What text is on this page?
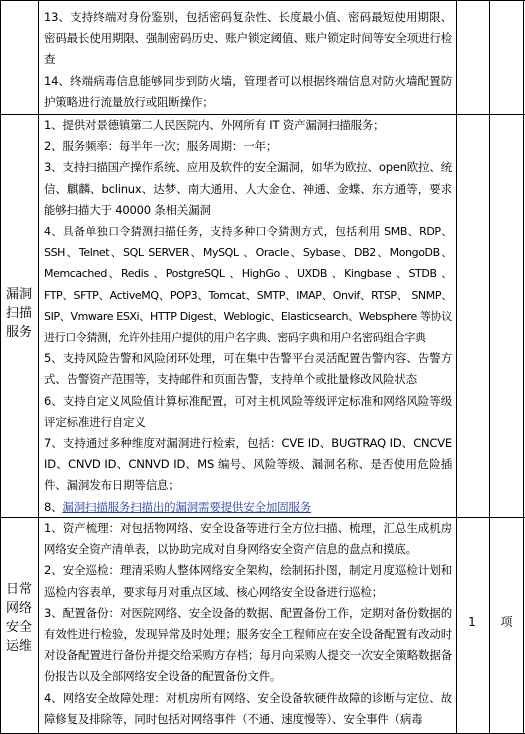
13、支持终端对身份鉴别，包括密码复杂性、长度最小值、密码最短使用期限、密码最长使用期限、强制密码历史、账户锁定阈值、账户锁定时间等安全项进行检查
14、终端病毒信息能够同步到防火墙，管理者可以根据终端信息对防火墙配置防护策略进行流量放行或阻断操作；
漏洞
扫描
服务
1、提供对景德镇第二人民医院内、外网所有 IT 资产漏洞扫描服务；
2、服务频率：每半年一次；服务周期：一年；
3、支持扫描国产操作系统、应用及软件的安全漏洞，如华为欧拉、open欧拉、统信、麒麟、bclinux、达梦、南大通用、人大金仓、神通、金蝶、东方通等，要求能够扫描大于 40000 条相关漏洞
4、具备单独口令猜测扫描任务，支持多种口令猜测方式，包括利用 SMB、RDP、SSH、Telnet、SQL SERVER、MySQL 、Oracle、Sybase、DB2、MongoDB、Memcached、Redis 、PostgreSQL 、HighGo 、UXDB 、Kingbase 、STDB 、FTP、SFTP、ActiveMQ、POP3、Tomcat、SMTP、IMAP、Onvif、RTSP、 SNMP、SIP、Vmware ESXi、HTTP Digest、Weblogic、Elasticsearch、Websphere 等协议进行口令猜测，允许外挂用户提供的用户名字典、密码字典和用户名密码组合字典
5、支持风险告警和风险闭环处理，可在集中告警平台灵活配置告警内容、告警方式、告警资产范围等，支持邮件和页面告警，支持单个或批量修改风险状态
6、支持自定义风险值计算标准配置，可对主机风险等级评定标准和网络风险等级评定标准进行自定义
7、支持通过多种维度对漏洞进行检索，包括：CVE ID、BUGTRAQ ID、CNCVE ID、CNVD ID、CNNVD ID、MS 编号、风险等级、漏洞名称、是否使用危险插件、漏洞发布日期等信息；
8、漏洞扫描服务扫描出的漏洞需要提供安全加固服务
日常
网络
安全
运维
1、资产梳理：对包括物网络、安全设备等进行全方位扫描、梳理，汇总生成机房网络安全资产清单表，以协助完成对自身网络安全资产信息的盘点和摸底。
2、安全巡检：理清采购人整体网络安全架构，绘制拓扑图，制定月度巡检计划和巡检内容表单，要求每月对重点区域、核心网络安全设备进行巡检；
3、配置备份：对医院网络、安全设备的数据、配置备份工作，定期对备份数据的有效性进行检验，发现异常及时处理；服务安全工程师应在安全设备配置有改动时对设备配置进行备份并提交给采购方存档；每月向采购人提交一次安全策略数据备份报告以及全部网络安全设备的配置备份文件。
4、网络安全故障处理：对机房所有网络、安全设备软硬件故障的诊断与定位、故障修复及排除等，同时包括对网络事件（不通、速度慢等）、安全事件（病毒
1	项
